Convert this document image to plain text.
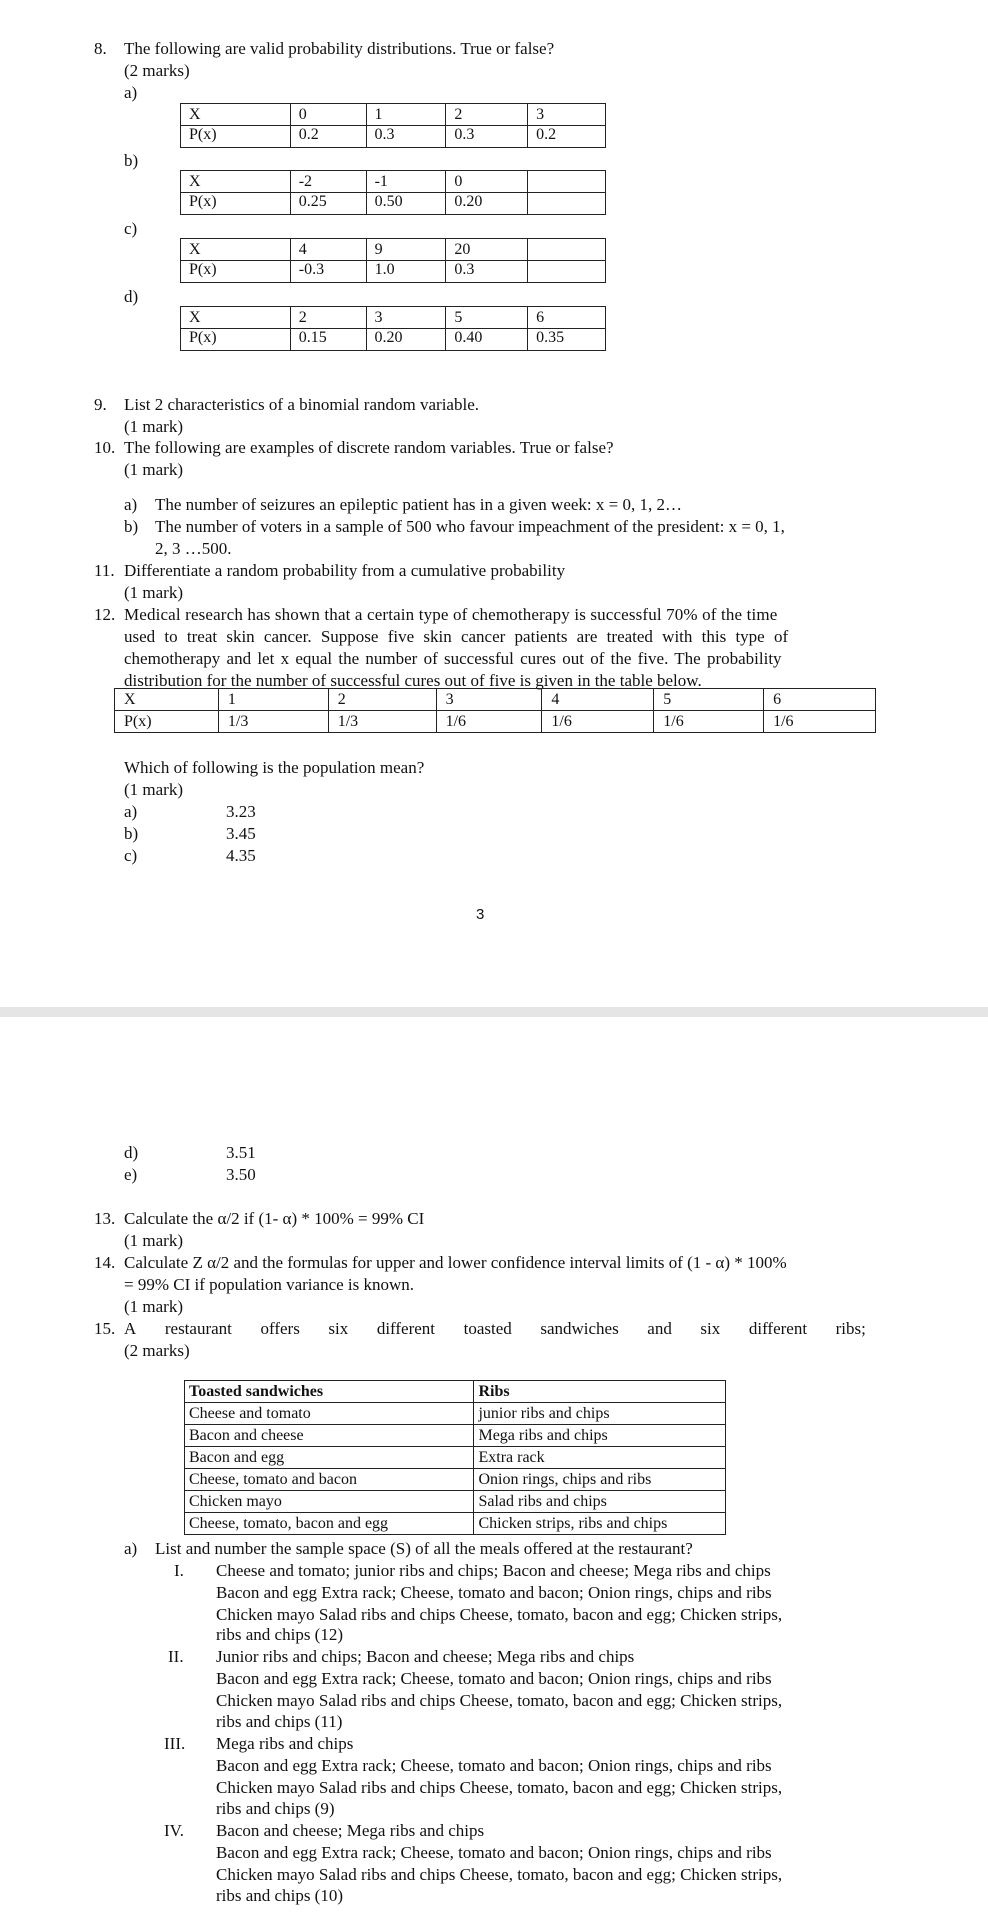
8. The following are valid probability distributions. True or false?
(2 marks)
a)
X	0	1	2	3
P(x)	0.2	0.3	0.3	0.2
b)
X	-2	-1	0	
P(x)	0.25	0.50	0.20	
c)
X	4	9	20	
P(x)	-0.3	1.0	0.3	
d)
X	2	3	5	6
P(x)	0.15	0.20	0.40	0.35
9. List 2 characteristics of a binomial random variable.
(1 mark)
10. The following are examples of discrete random variables. True or false?
(1 mark)
a) The number of seizures an epileptic patient has in a given week: x = 0, 1, 2…
b) The number of voters in a sample of 500 who favour impeachment of the president: x = 0, 1,
2, 3 …500.
11. Differentiate a random probability from a cumulative probability
(1 mark)
12. Medical research has shown that a certain type of chemotherapy is successful 70% of the time
used to treat skin cancer. Suppose five skin cancer patients are treated with this type of
chemotherapy and let x equal the number of successful cures out of the five. The probability
distribution for the number of successful cures out of five is given in the table below.
X	1	2	3	4	5	6
P(x)	1/3	1/3	1/6	1/6	1/6	1/6
Which of following is the population mean?
(1 mark)
a)	3.23
b)	3.45
c)	4.35
3
d)	3.51
e)	3.50
13. Calculate the α/2 if (1- α) * 100% = 99% CI
(1 mark)
14. Calculate Z α/2 and the formulas for upper and lower confidence interval limits of (1 - α) * 100%
= 99% CI if population variance is known.
(1 mark)
15. A restaurant offers six different toasted sandwiches and six different ribs;
(2 marks)
Toasted sandwiches	Ribs
Cheese and tomato	junior ribs and chips
Bacon and cheese	Mega ribs and chips
Bacon and egg	Extra rack
Cheese, tomato and bacon	Onion rings, chips and ribs
Chicken mayo	Salad ribs and chips
Cheese, tomato, bacon and egg	Chicken strips, ribs and chips
a) List and number the sample space (S) of all the meals offered at the restaurant?
I. Cheese and tomato; junior ribs and chips; Bacon and cheese; Mega ribs and chips
Bacon and egg Extra rack; Cheese, tomato and bacon; Onion rings, chips and ribs
Chicken mayo Salad ribs and chips Cheese, tomato, bacon and egg; Chicken strips,
ribs and chips (12)
II. Junior ribs and chips; Bacon and cheese; Mega ribs and chips
Bacon and egg Extra rack; Cheese, tomato and bacon; Onion rings, chips and ribs
Chicken mayo Salad ribs and chips Cheese, tomato, bacon and egg; Chicken strips,
ribs and chips (11)
III. Mega ribs and chips
Bacon and egg Extra rack; Cheese, tomato and bacon; Onion rings, chips and ribs
Chicken mayo Salad ribs and chips Cheese, tomato, bacon and egg; Chicken strips,
ribs and chips (9)
IV. Bacon and cheese; Mega ribs and chips
Bacon and egg Extra rack; Cheese, tomato and bacon; Onion rings, chips and ribs
Chicken mayo Salad ribs and chips Cheese, tomato, bacon and egg; Chicken strips,
ribs and chips (10)
